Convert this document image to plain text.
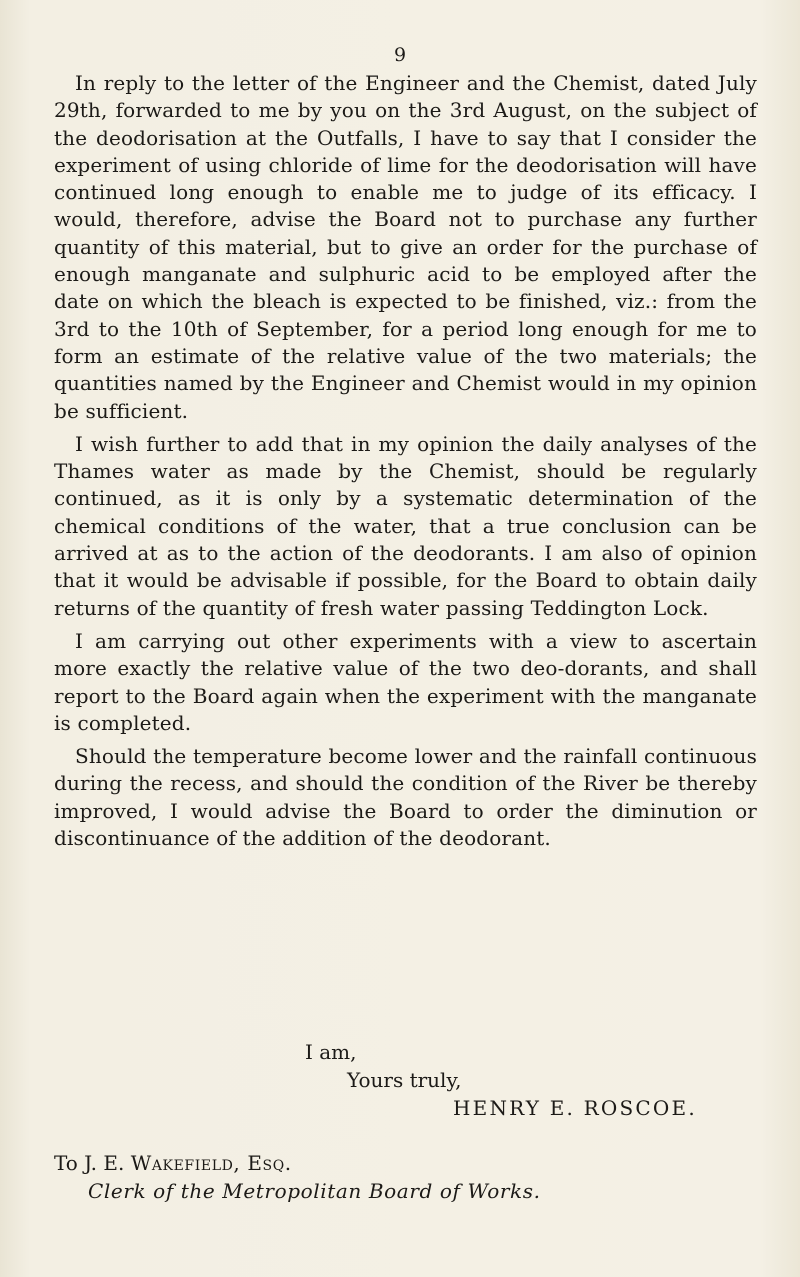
9

In reply to the letter of the Engineer and the Chemist, dated July 29th, forwarded to me by you on the 3rd August, on the subject of the deodorisation at the Outfalls, I have to say that I consider the experiment of using chloride of lime for the deodorisation will have continued long enough to enable me to judge of its efficacy. I would, therefore, advise the Board not to purchase any further quantity of this material, but to give an order for the purchase of enough manganate and sulphuric acid to be employed after the date on which the bleach is expected to be finished, viz.: from the 3rd to the 10th of September, for a period long enough for me to form an estimate of the relative value of the two materials; the quantities named by the Engineer and Chemist would in my opinion be sufficient.

I wish further to add that in my opinion the daily analyses of the Thames water as made by the Chemist, should be regularly continued, as it is only by a systematic determination of the chemical conditions of the water, that a true conclusion can be arrived at as to the action of the deodorants. I am also of opinion that it would be advisable if possible, for the Board to obtain daily returns of the quantity of fresh water passing Teddington Lock.

I am carrying out other experiments with a view to ascertain more exactly the relative value of the two deo-dorants, and shall report to the Board again when the experiment with the manganate is completed.

Should the temperature become lower and the rainfall continuous during the recess, and should the condition of the River be thereby improved, I would advise the Board to order the diminution or discontinuance of the addition of the deodorant.

I am,
Yours truly,
HENRY E. ROSCOE.
To J. E. Wakefield, Esq.
Clerk of the Metropolitan Board of Works.
